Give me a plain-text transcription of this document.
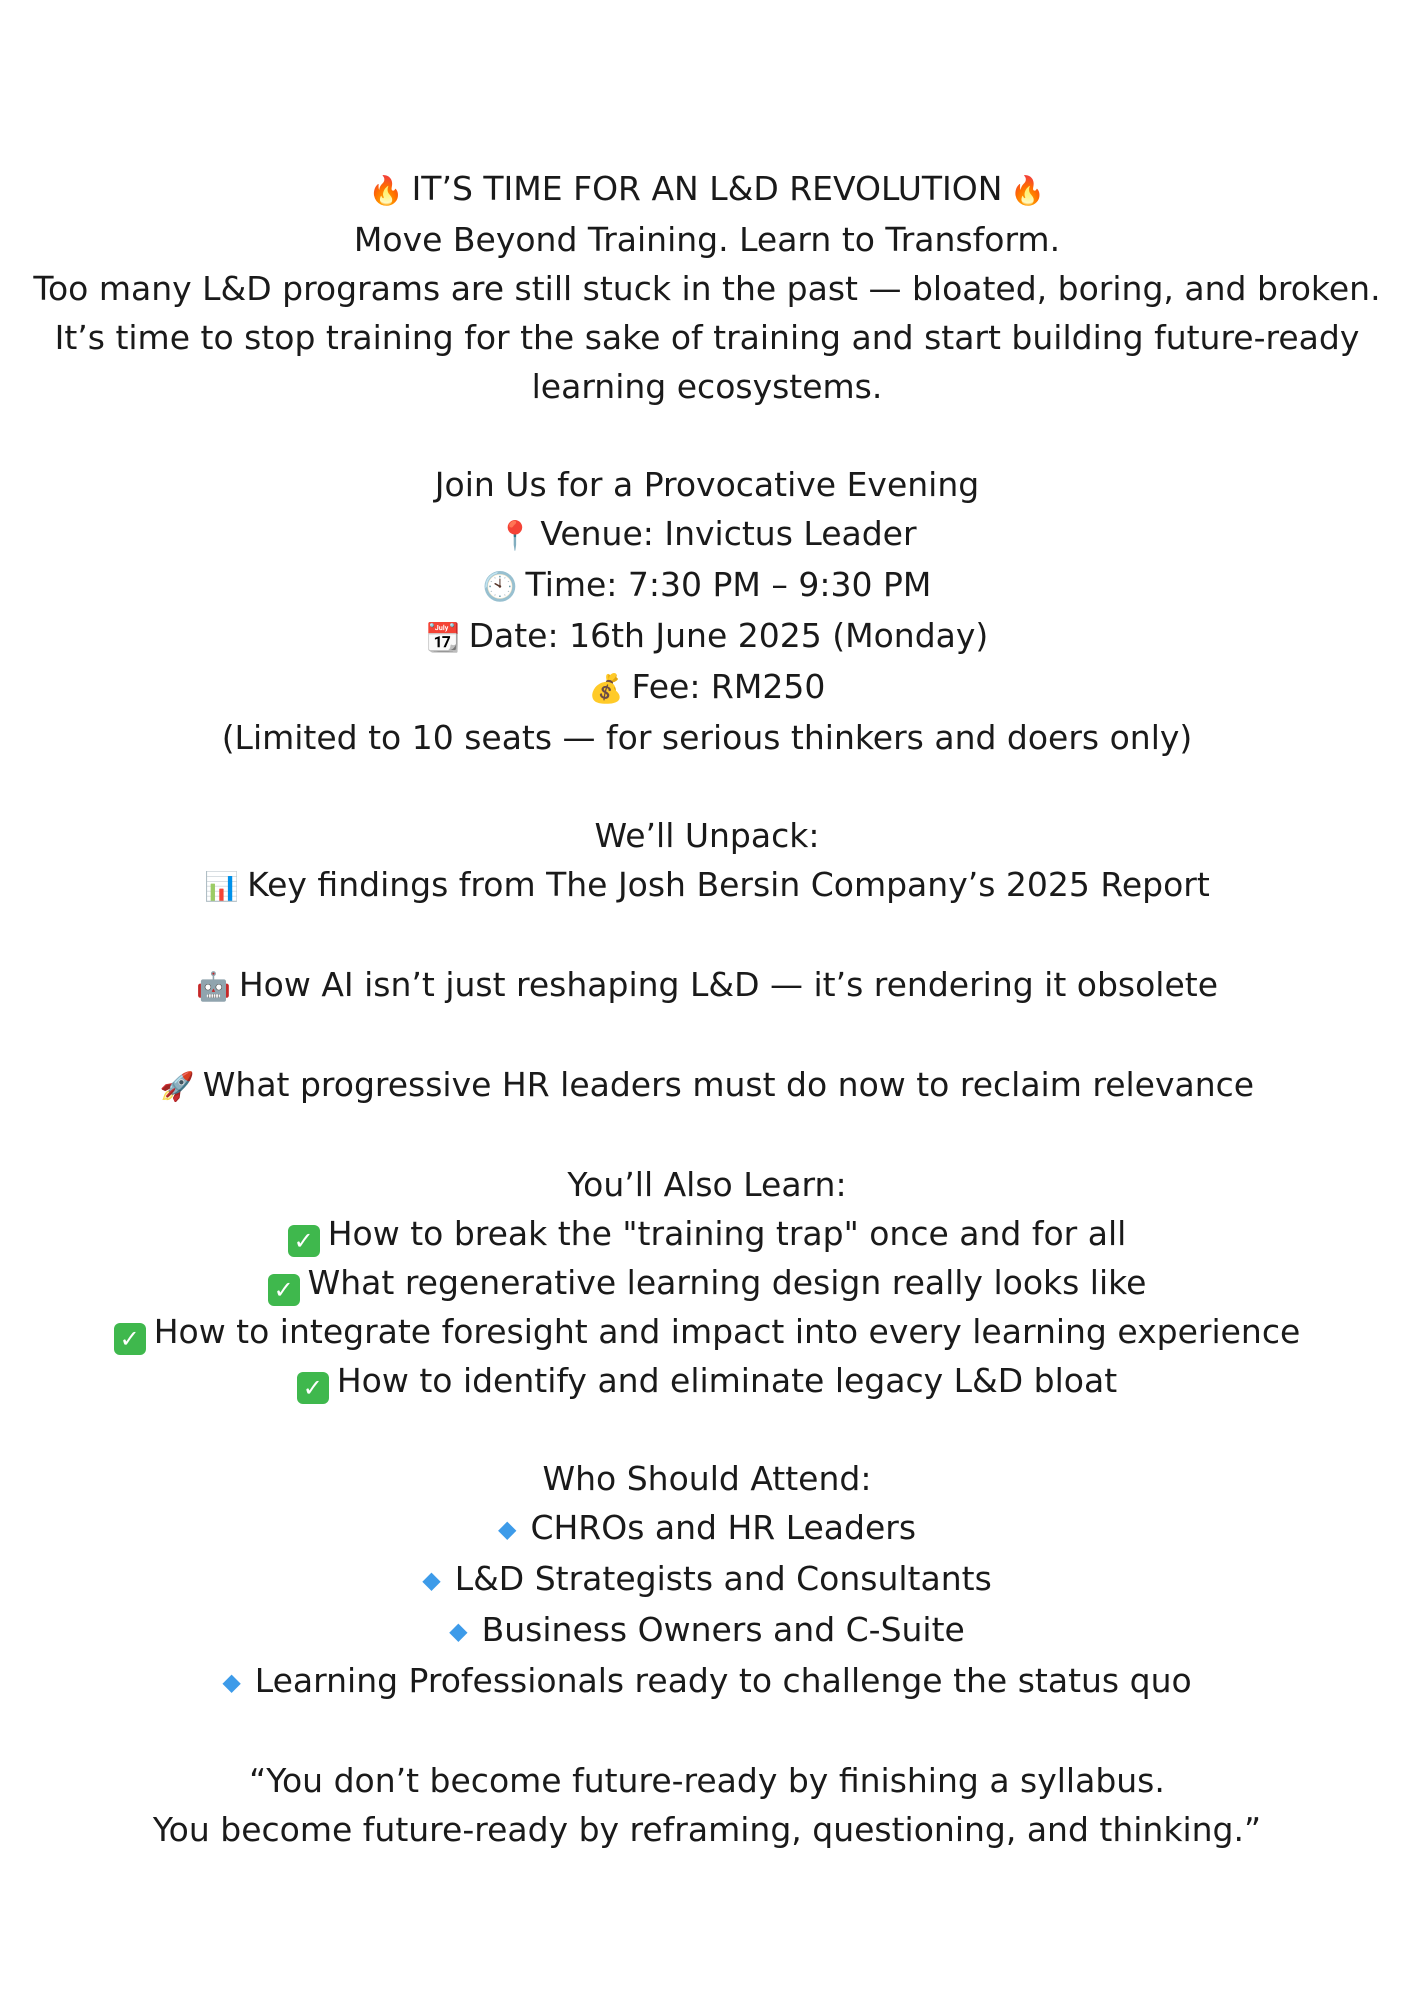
🔥 IT’S TIME FOR AN L&D REVOLUTION 🔥
Move Beyond Training. Learn to Transform.
Too many L&D programs are still stuck in the past — bloated, boring, and broken.
It’s time to stop training for the sake of training and start building future-ready learning ecosystems.
Join Us for a Provocative Evening
📍 Venue: Invictus Leader
🕙 Time: 7:30 PM – 9:30 PM
📆 Date: 16th June 2025 (Monday)
💰 Fee: RM250
(Limited to 10 seats — for serious thinkers and doers only)
We’ll Unpack:
📊 Key findings from The Josh Bersin Company’s 2025 Report
🤖 How AI isn’t just reshaping L&D — it’s rendering it obsolete
🚀 What progressive HR leaders must do now to reclaim relevance
You’ll Also Learn:
✓ How to break the "training trap" once and for all
✓ What regenerative learning design really looks like
✓ How to integrate foresight and impact into every learning experience
✓ How to identify and eliminate legacy L&D bloat
Who Should Attend:
◆ CHROs and HR Leaders
◆ L&D Strategists and Consultants
◆ Business Owners and C-Suite
◆ Learning Professionals ready to challenge the status quo
“You don’t become future-ready by finishing a syllabus.
You become future-ready by reframing, questioning, and thinking.”
